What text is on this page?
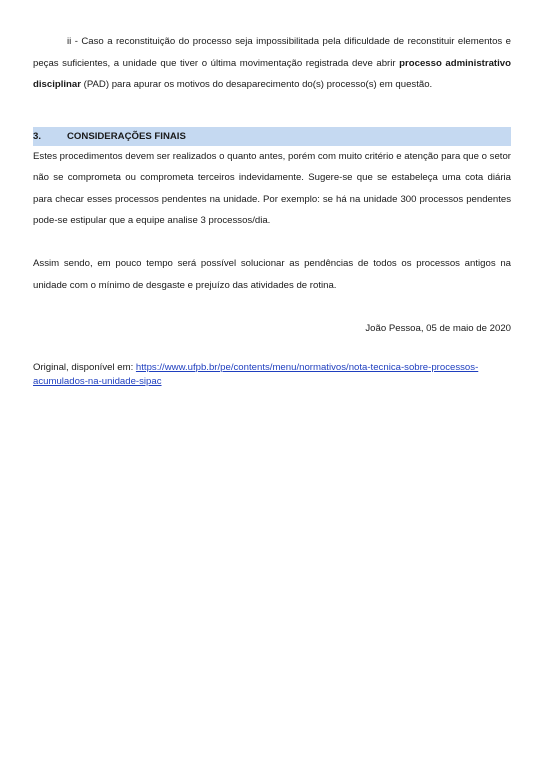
ii - Caso a reconstituição do processo seja impossibilitada pela dificuldade de reconstituir elementos e peças suficientes, a unidade que tiver o última movimentação registrada deve abrir processo administrativo disciplinar (PAD) para apurar os motivos do desaparecimento do(s) processo(s) em questão.

3.	CONSIDERAÇÕES FINAIS

Estes procedimentos devem ser realizados o quanto antes, porém com muito critério e atenção para que o setor não se comprometa ou comprometa terceiros indevidamente. Sugere-se que se estabeleça uma cota diária para checar esses processos pendentes na unidade. Por exemplo: se há na unidade 300 processos pendentes pode-se estipular que a equipe analise 3 processos/dia.

Assim sendo, em pouco tempo será possível solucionar as pendências de todos os processos antigos na unidade com o mínimo de desgaste e prejuízo das atividades de rotina.

João Pessoa, 05 de maio de 2020

Original, disponível em: https://www.ufpb.br/pe/contents/menu/normativos/nota-tecnica-sobre-processos-acumulados-na-unidade-sipac
